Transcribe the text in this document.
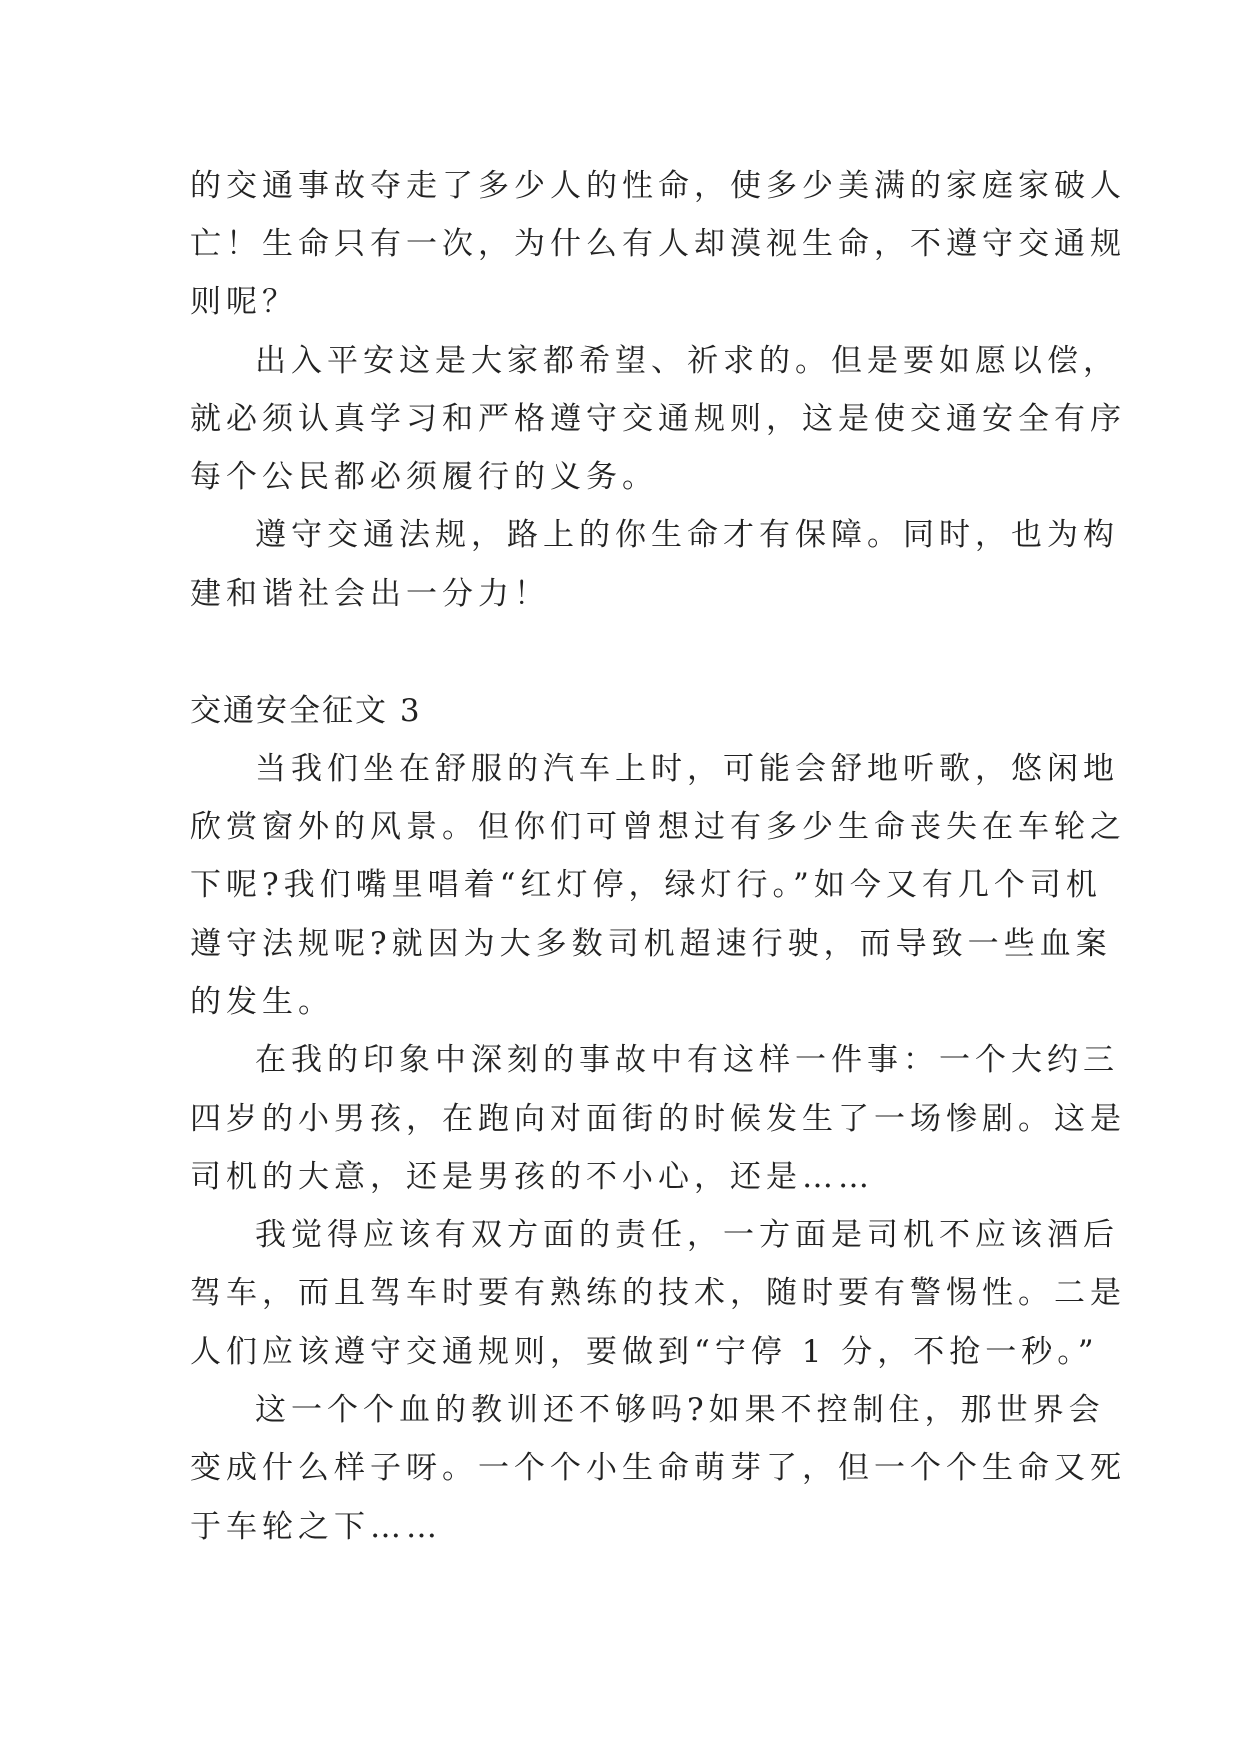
的交通事故夺走了多少人的性命，使多少美满的家庭家破人
亡！生命只有一次，为什么有人却漠视生命，不遵守交通规
则呢？
出入平安这是大家都希望、祈求的。但是要如愿以偿，
就必须认真学习和严格遵守交通规则，这是使交通安全有序
每个公民都必须履行的义务。
遵守交通法规，路上的你生命才有保障。同时，也为构
建和谐社会出一分力！
交通安全征文 3
当我们坐在舒服的汽车上时，可能会舒地听歌，悠闲地
欣赏窗外的风景。但你们可曾想过有多少生命丧失在车轮之
下呢?我们嘴里唱着“红灯停，绿灯行。”如今又有几个司机
遵守法规呢?就因为大多数司机超速行驶，而导致一些血案
的发生。
在我的印象中深刻的事故中有这样一件事：一个大约三
四岁的小男孩，在跑向对面街的时候发生了一场惨剧。这是
司机的大意，还是男孩的不小心，还是……
我觉得应该有双方面的责任，一方面是司机不应该酒后
驾车，而且驾车时要有熟练的技术，随时要有警惕性。二是
人们应该遵守交通规则，要做到“宁停 1 分，不抢一秒。”
这一个个血的教训还不够吗?如果不控制住，那世界会
变成什么样子呀。一个个小生命萌芽了，但一个个生命又死
于车轮之下……
